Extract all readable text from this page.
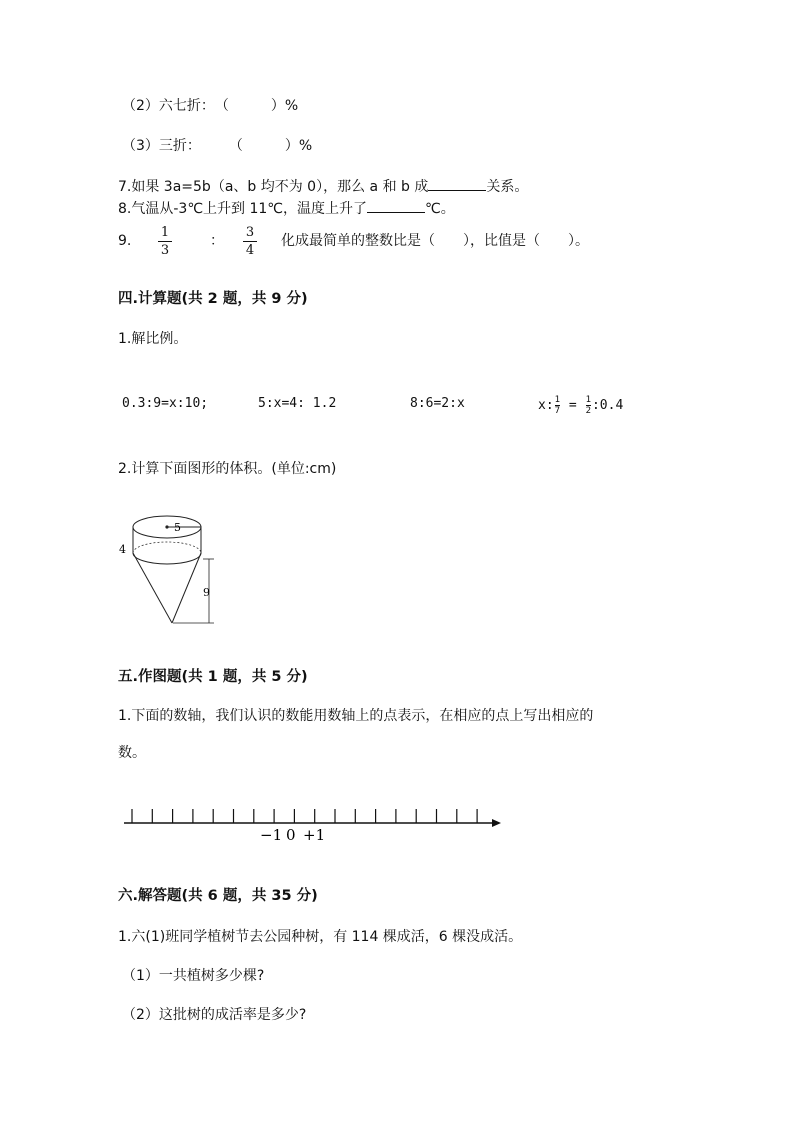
（2）六七折：　（　　　）%
（3）三折：　　　（　　　）%
7.如果 3a=5b（a、b 均不为 0），那么 a 和 b 成	关系。
8.气温从-3℃上升到 11℃，温度上升了	℃。
9.
1
3
：
3
4
化成最简单的整数比是（　　），比值是（　　）。
四.计算题(共 2 题，共 9 分)
1.解比例。
0.3:9=x:10;	5:x=4: 1.2	8:6=2:x	$x:\frac{1}{7}$ = $\frac{1}{2}:0.4$
2.计算下面图形的体积。(单位:cm)
5
4
9
五.作图题(共 1 题，共 5 分)
1.下面的数轴，我们认识的数能用数轴上的点表示，在相应的点上写出相应的
数。
−1 0 +1
六.解答题(共 6 题，共 35 分)
1.六(1)班同学植树节去公园种树，有 114 棵成活，6 棵没成活。
（1）一共植树多少棵?
（2）这批树的成活率是多少?
